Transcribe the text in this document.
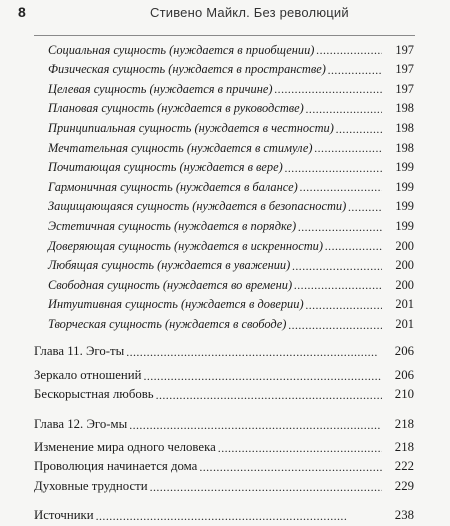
8	Стивено Майкл. Без революций
Социальная сущность (нуждается в приобщении) . . .	197
Физическая сущность (нуждается в пространстве) . . .	197
Целевая сущность (нуждается в причине) . . .	197
Плановая сущность (нуждается в руководстве) . . .	198
Принципиальная сущность (нуждается в честности) . . .	198
Мечтательная сущность (нуждается в стимуле) . . .	198
Почитающая сущность (нуждается в вере) . . .	199
Гармоничная сущность (нуждается в балансе) . . .	199
Защищающаяся сущность (нуждается в безопасности) . . .	199
Эстетичная сущность (нуждается в порядке) . . .	199
Доверяющая сущность (нуждается в искренности) . . .	200
Любящая сущность (нуждается в уважении) . . .	200
Свободная сущность (нуждается во времени) . . .	200
Интуитивная сущность (нуждается в доверии) . . .	201
Творческая сущность (нуждается в свободе) . . .	201
Глава 11. Эго-ты . . .	206
Зеркало отношений . . .	206
Бескорыстная любовь . . .	210
Глава 12. Эго-мы . . .	218
Изменение мира одного человека . . .	218
Проволюция начинается дома . . .	222
Духовные трудности . . .	229
Источники . . .	238
